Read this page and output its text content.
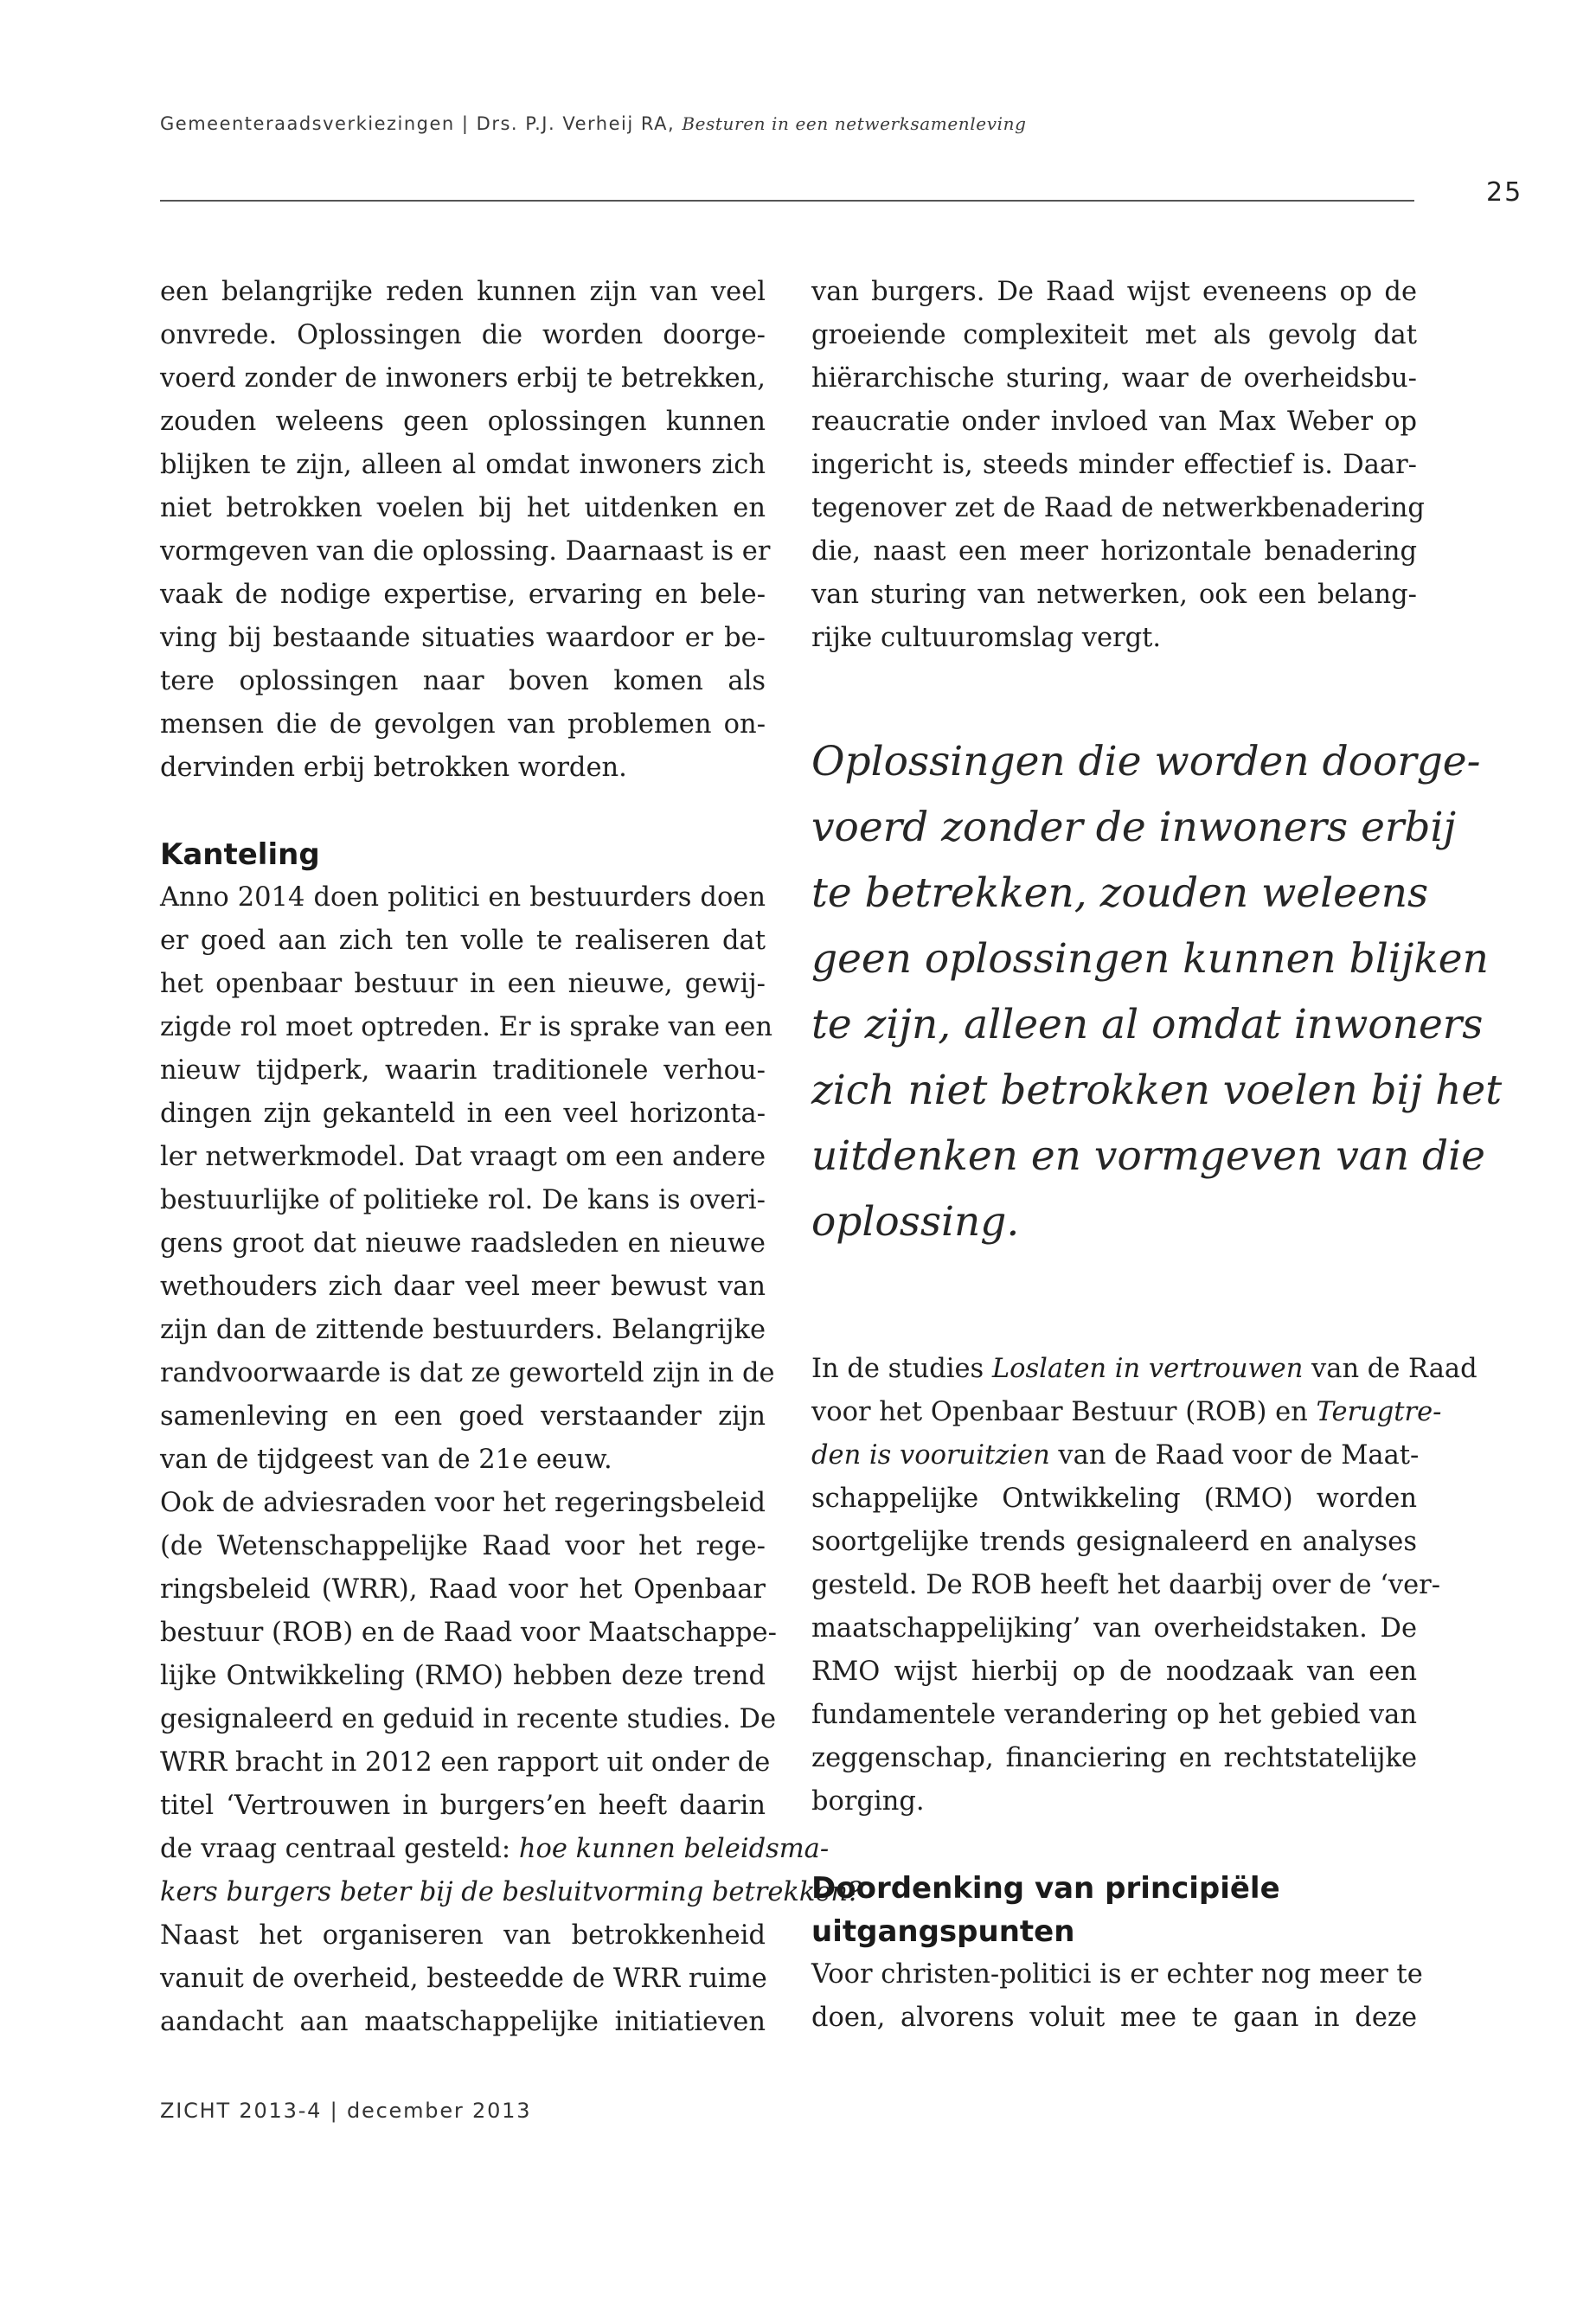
Gemeenteraadsverkiezingen | Drs. P.J. Verheij RA, Besturen in een netwerksamenleving
25
een belangrijke reden kunnen zijn van veel
onvrede. Oplossingen die worden doorge-
voerd zonder de inwoners erbij te betrekken,
zouden weleens geen oplossingen kunnen
blijken te zijn, alleen al omdat inwoners zich
niet betrokken voelen bij het uitdenken en
vormgeven van die oplossing. Daarnaast is er
vaak de nodige expertise, ervaring en bele-
ving bij bestaande situaties waardoor er be-
tere oplossingen naar boven komen als
mensen die de gevolgen van problemen on-
dervinden erbij betrokken worden.
Kanteling
Anno 2014 doen politici en bestuurders doen
er goed aan zich ten volle te realiseren dat
het openbaar bestuur in een nieuwe, gewij-
zigde rol moet optreden. Er is sprake van een
nieuw tijdperk, waarin traditionele verhou-
dingen zijn gekanteld in een veel horizonta-
ler netwerkmodel. Dat vraagt om een andere
bestuurlijke of politieke rol. De kans is overi-
gens groot dat nieuwe raadsleden en nieuwe
wethouders zich daar veel meer bewust van
zijn dan de zittende bestuurders. Belangrijke
randvoorwaarde is dat ze geworteld zijn in de
samenleving en een goed verstaander zijn
van de tijdgeest van de 21e eeuw.
Ook de adviesraden voor het regeringsbeleid
(de Wetenschappelijke Raad voor het rege-
ringsbeleid (WRR), Raad voor het Openbaar
bestuur (ROB) en de Raad voor Maatschappe-
lijke Ontwikkeling (RMO) hebben deze trend
gesignaleerd en geduid in recente studies. De
WRR bracht in 2012 een rapport uit onder de
titel ‘Vertrouwen in burgers’en heeft daarin
de vraag centraal gesteld: hoe kunnen beleidsma-
kers burgers beter bij de besluitvorming betrekken?
Naast het organiseren van betrokkenheid
vanuit de overheid, besteedde de WRR ruime
aandacht aan maatschappelijke initiatieven
van burgers. De Raad wijst eveneens op de
groeiende complexiteit met als gevolg dat
hiërarchische sturing, waar de overheidsbu-
reaucratie onder invloed van Max Weber op
ingericht is, steeds minder effectief is. Daar-
tegenover zet de Raad de netwerkbenadering
die, naast een meer horizontale benadering
van sturing van netwerken, ook een belang-
rijke cultuuromslag vergt.
Oplossingen die worden doorge-
voerd zonder de inwoners erbij
te betrekken, zouden weleens
geen oplossingen kunnen blijken
te zijn, alleen al omdat inwoners
zich niet betrokken voelen bij het
uitdenken en vormgeven van die
oplossing.
In de studies Loslaten in vertrouwen van de Raad
voor het Openbaar Bestuur (ROB) en Terugtre-
den is vooruitzien van de Raad voor de Maat-
schappelijke Ontwikkeling (RMO) worden
soortgelijke trends gesignaleerd en analyses
gesteld. De ROB heeft het daarbij over de ‘ver-
maatschappelijking’ van overheidstaken. De
RMO wijst hierbij op de noodzaak van een
fundamentele verandering op het gebied van
zeggenschap, financiering en rechtstatelijke
borging.
Doordenking van principiële
uitgangspunten
Voor christen-politici is er echter nog meer te
doen, alvorens voluit mee te gaan in deze
ZICHT 2013-4 | december 2013
